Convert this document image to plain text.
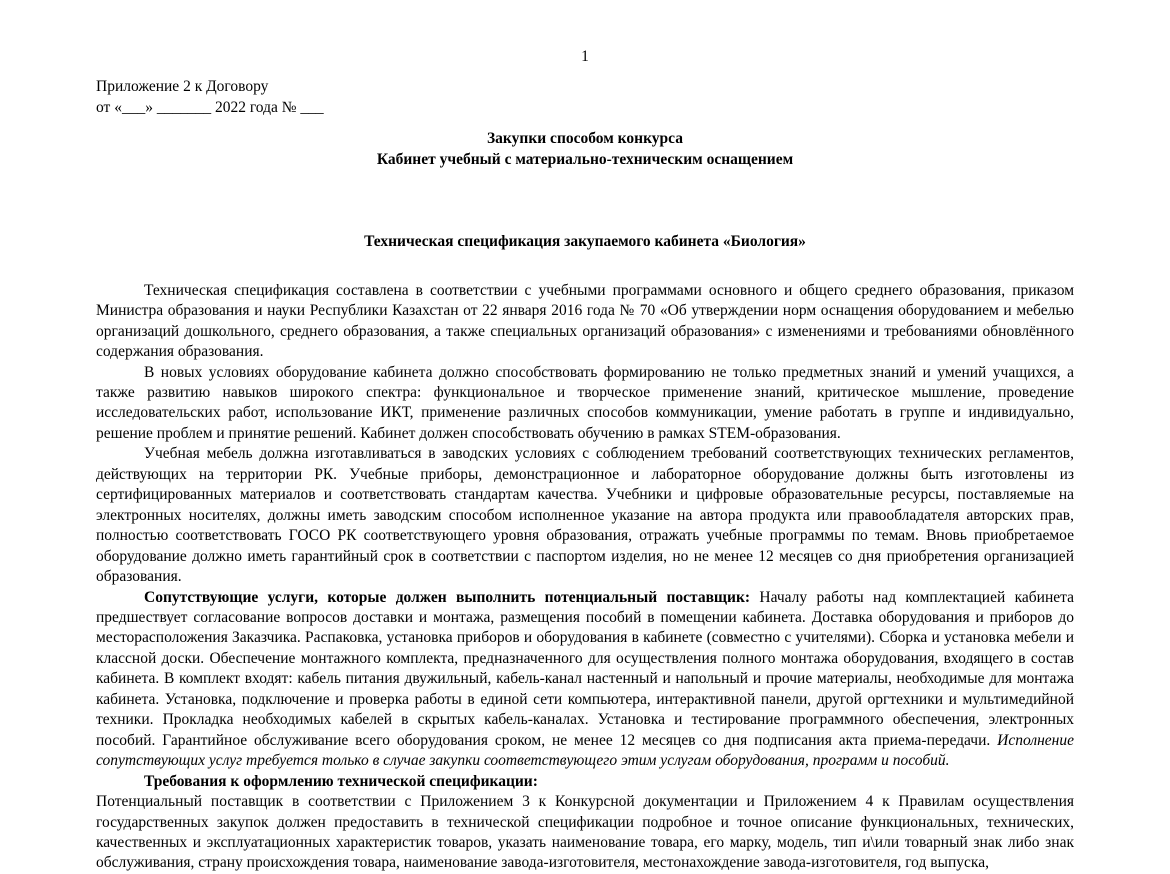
1
Приложение 2 к Договору
от «___» _______ 2022 года № ___
Закупки способом конкурса
Кабинет учебный с материально-техническим оснащением
Техническая спецификация закупаемого кабинета «Биология»

Техническая спецификация составлена в соответствии с учебными программами основного и общего среднего образования, приказом Министра образования и науки Республики Казахстан от 22 января 2016 года № 70 «Об утверждении норм оснащения оборудованием и мебелью организаций дошкольного, среднего образования, а также специальных организаций образования» с изменениями и требованиями обновлённого содержания образования.

В новых условиях оборудование кабинета должно способствовать формированию не только предметных знаний и умений учащихся, а также развитию навыков широкого спектра: функциональное и творческое применение знаний, критическое мышление, проведение исследовательских работ, использование ИКТ, применение различных способов коммуникации, умение работать в группе и индивидуально, решение проблем и принятие решений. Кабинет должен способствовать обучению в рамках STEM-образования.

Учебная мебель должна изготавливаться в заводских условиях с соблюдением требований соответствующих технических регламентов, действующих на территории РК. Учебные приборы, демонстрационное и лабораторное оборудование должны быть изготовлены из сертифицированных материалов и соответствовать стандартам качества. Учебники и цифровые образовательные ресурсы, поставляемые на электронных носителях, должны иметь заводским способом исполненное указание на автора продукта или правообладателя авторских прав, полностью соответствовать ГОСО РК соответствующего уровня образования, отражать учебные программы по темам. Вновь приобретаемое оборудование должно иметь гарантийный срок в соответствии с паспортом изделия, но не менее 12 месяцев со дня приобретения организацией образования.

Сопутствующие услуги, которые должен выполнить потенциальный поставщик: Началу работы над комплектацией кабинета предшествует согласование вопросов доставки и монтажа, размещения пособий в помещении кабинета. Доставка оборудования и приборов до месторасположения Заказчика. Распаковка, установка приборов и оборудования в кабинете (совместно с учителями). Сборка и установка мебели и классной доски. Обеспечение монтажного комплекта, предназначенного для осуществления полного монтажа оборудования, входящего в состав кабинета. В комплект входят: кабель питания двужильный, кабель-канал настенный и напольный и прочие материалы, необходимые для монтажа кабинета. Установка, подключение и проверка работы в единой сети компьютера, интерактивной панели, другой оргтехники и мультимедийной техники. Прокладка необходимых кабелей в скрытых кабель-каналах. Установка и тестирование программного обеспечения, электронных пособий. Гарантийное обслуживание всего оборудования сроком, не менее 12 месяцев со дня подписания акта приема-передачи. Исполнение сопутствующих услуг требуется только в случае закупки соответствующего этим услугам оборудования, программ и пособий.

Требования к оформлению технической спецификации:

Потенциальный поставщик в соответствии с Приложением 3 к Конкурсной документации и Приложением 4 к Правилам осуществления государственных закупок должен предоставить в технической спецификации подробное и точное описание функциональных, технических, качественных и эксплуатационных характеристик товаров, указать наименование товара, его марку, модель, тип и\или товарный знак либо знак обслуживания, страну происхождения товара, наименование завода-изготовителя, местонахождение завода-изготовителя, год выпуска,
